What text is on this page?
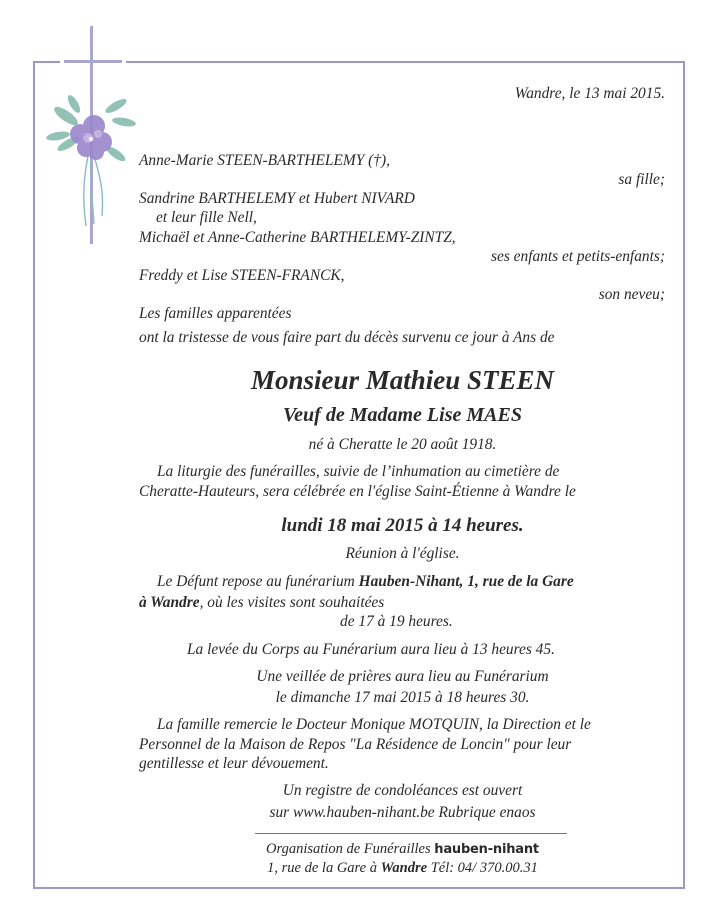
Wandre, le 13 mai 2015.
Anne-Marie STEEN-BARTHELEMY (†),
sa fille;
Sandrine BARTHELEMY et Hubert NIVARD
et leur fille Nell,
Michaël et Anne-Catherine BARTHELEMY-ZINTZ,
ses enfants et petits-enfants;
Freddy et Lise STEEN-FRANCK,
son neveu;
Les familles apparentées
ont la tristesse de vous faire part du décès survenu ce jour à Ans de
Monsieur Mathieu STEEN
Veuf de Madame Lise MAES
né à Cheratte le 20 août 1918.
La liturgie des funérailles, suivie de l’inhumation au cimetière de
Cheratte-Hauteurs, sera célébrée en l'église Saint-Étienne à Wandre le
lundi 18 mai 2015 à 14 heures.
Réunion à l'église.
Le Défunt repose au funérarium Hauben-Nihant, 1, rue de la Gare
à Wandre, où les visites sont souhaitées
de 17 à 19 heures.
La levée du Corps au Funérarium aura lieu à 13 heures 45.
Une veillée de prières aura lieu au Funérarium
le dimanche 17 mai 2015 à 18 heures 30.
La famille remercie le Docteur Monique MOTQUIN, la Direction et le
Personnel de la Maison de Repos "La Résidence de Loncin" pour leur
gentillesse et leur dévouement.
Un registre de condoléances est ouvert
sur www.hauben-nihant.be Rubrique enaos
Organisation de Funérailles hauben-nihant
1, rue de la Gare à Wandre Tél: 04/ 370.00.31
